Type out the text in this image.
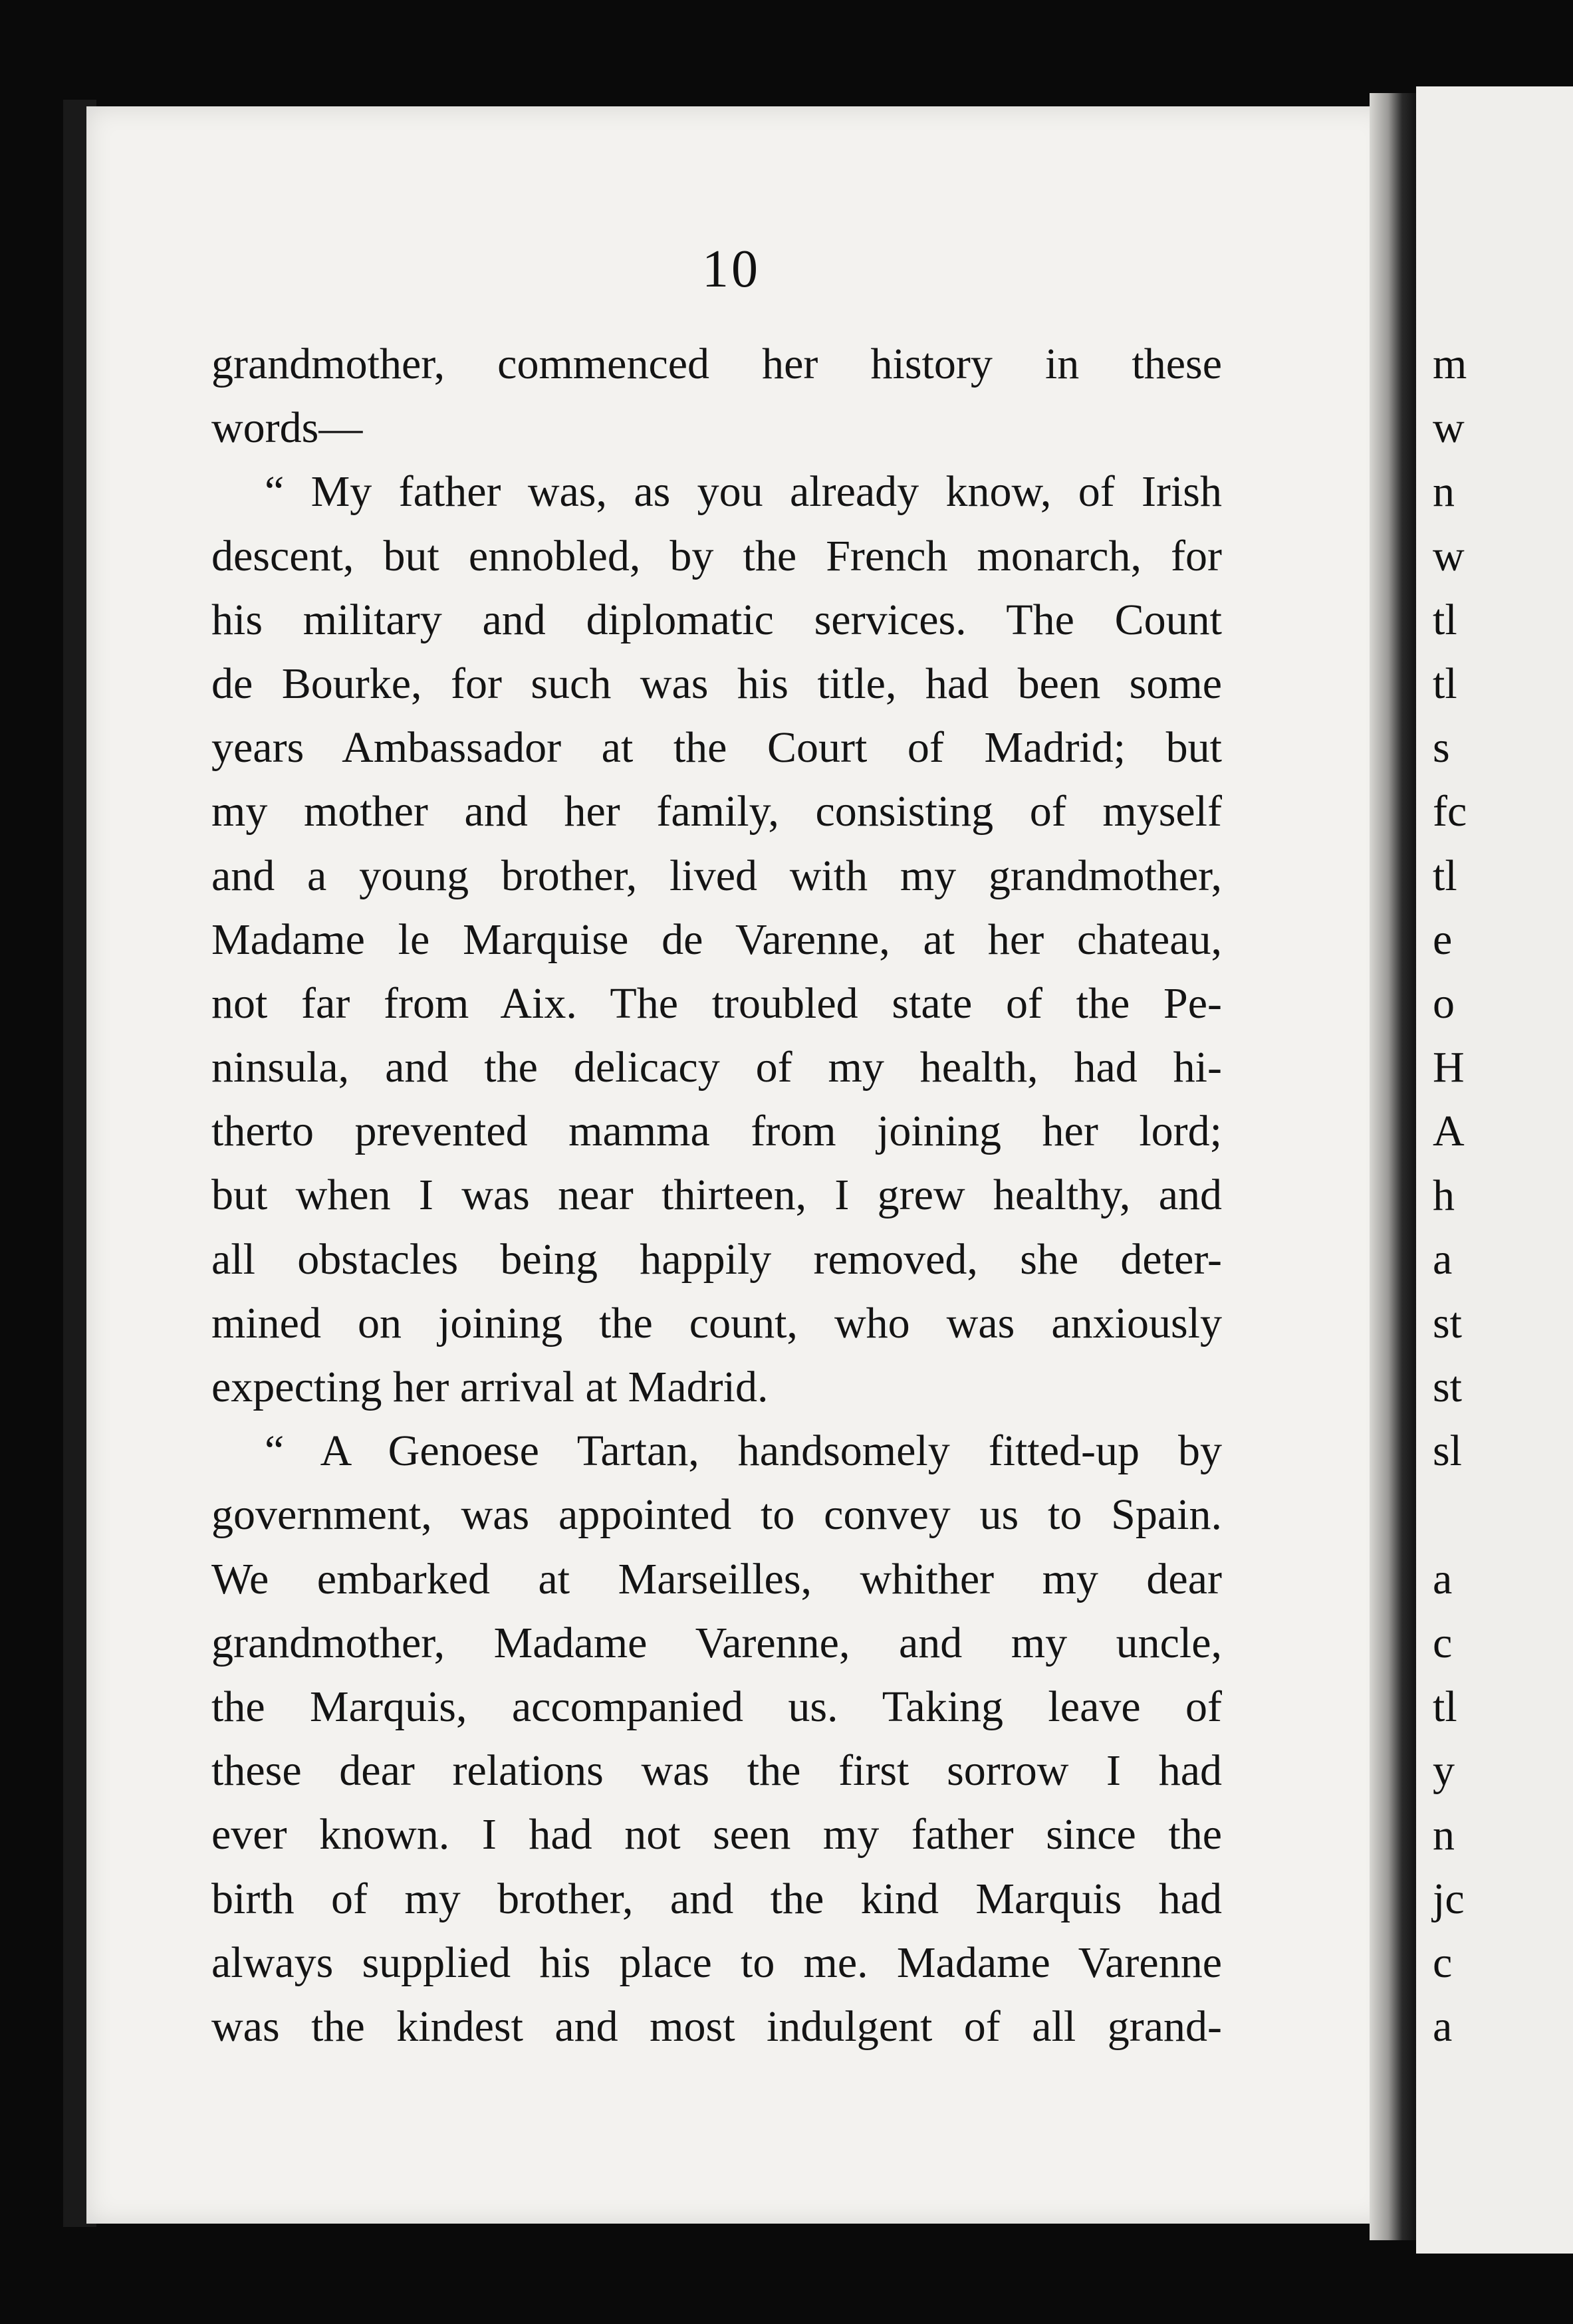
m
w
n
w
tl
tl
s
fc
tl
e
o
H
A
h
a
st
st
sl
a
c
tl
y
n
jc
c
a
10
grandmother, commenced her history in these
words—
“ My father was, as you already know, of Irish
descent, but ennobled, by the French monarch, for
his military and diplomatic services. The Count
de Bourke, for such was his title, had been some
years Ambassador at the Court of Madrid; but
my mother and her family, consisting of myself
and a young brother, lived with my grandmother,
Madame le Marquise de Varenne, at her chateau,
not far from Aix. The troubled state of the Pe-
ninsula, and the delicacy of my health, had hi-
therto prevented mamma from joining her lord;
but when I was near thirteen, I grew healthy, and
all obstacles being happily removed, she deter-
mined on joining the count, who was anxiously
expecting her arrival at Madrid.
“ A Genoese Tartan, handsomely fitted-up by
government, was appointed to convey us to Spain.
We embarked at Marseilles, whither my dear
grandmother, Madame Varenne, and my uncle,
the Marquis, accompanied us. Taking leave of
these dear relations was the first sorrow I had
ever known. I had not seen my father since the
birth of my brother, and the kind Marquis had
always supplied his place to me. Madame Varenne
was the kindest and most indulgent of all grand-
